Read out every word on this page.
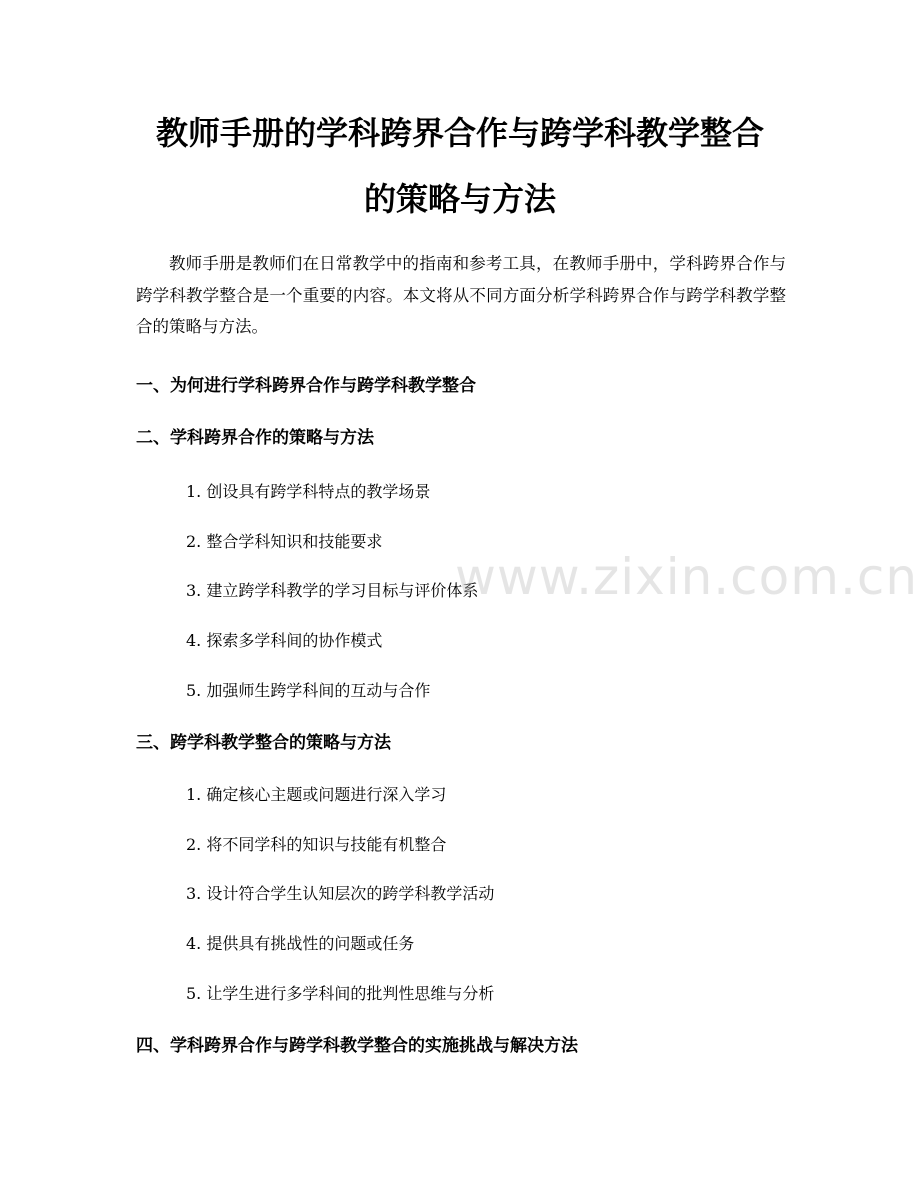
教师手册的学科跨界合作与跨学科教学整合
的策略与方法
教师手册是教师们在日常教学中的指南和参考工具，在教师手册中，学科跨界合作与跨学科教学整合是一个重要的内容。本文将从不同方面分析学科跨界合作与跨学科教学整合的策略与方法。
一、为何进行学科跨界合作与跨学科教学整合
二、学科跨界合作的策略与方法
1. 创设具有跨学科特点的教学场景
2. 整合学科知识和技能要求
3. 建立跨学科教学的学习目标与评价体系
4. 探索多学科间的协作模式
5. 加强师生跨学科间的互动与合作
三、跨学科教学整合的策略与方法
1. 确定核心主题或问题进行深入学习
2. 将不同学科的知识与技能有机整合
3. 设计符合学生认知层次的跨学科教学活动
4. 提供具有挑战性的问题或任务
5. 让学生进行多学科间的批判性思维与分析
四、学科跨界合作与跨学科教学整合的实施挑战与解决方法
www.zixin.com.cn
